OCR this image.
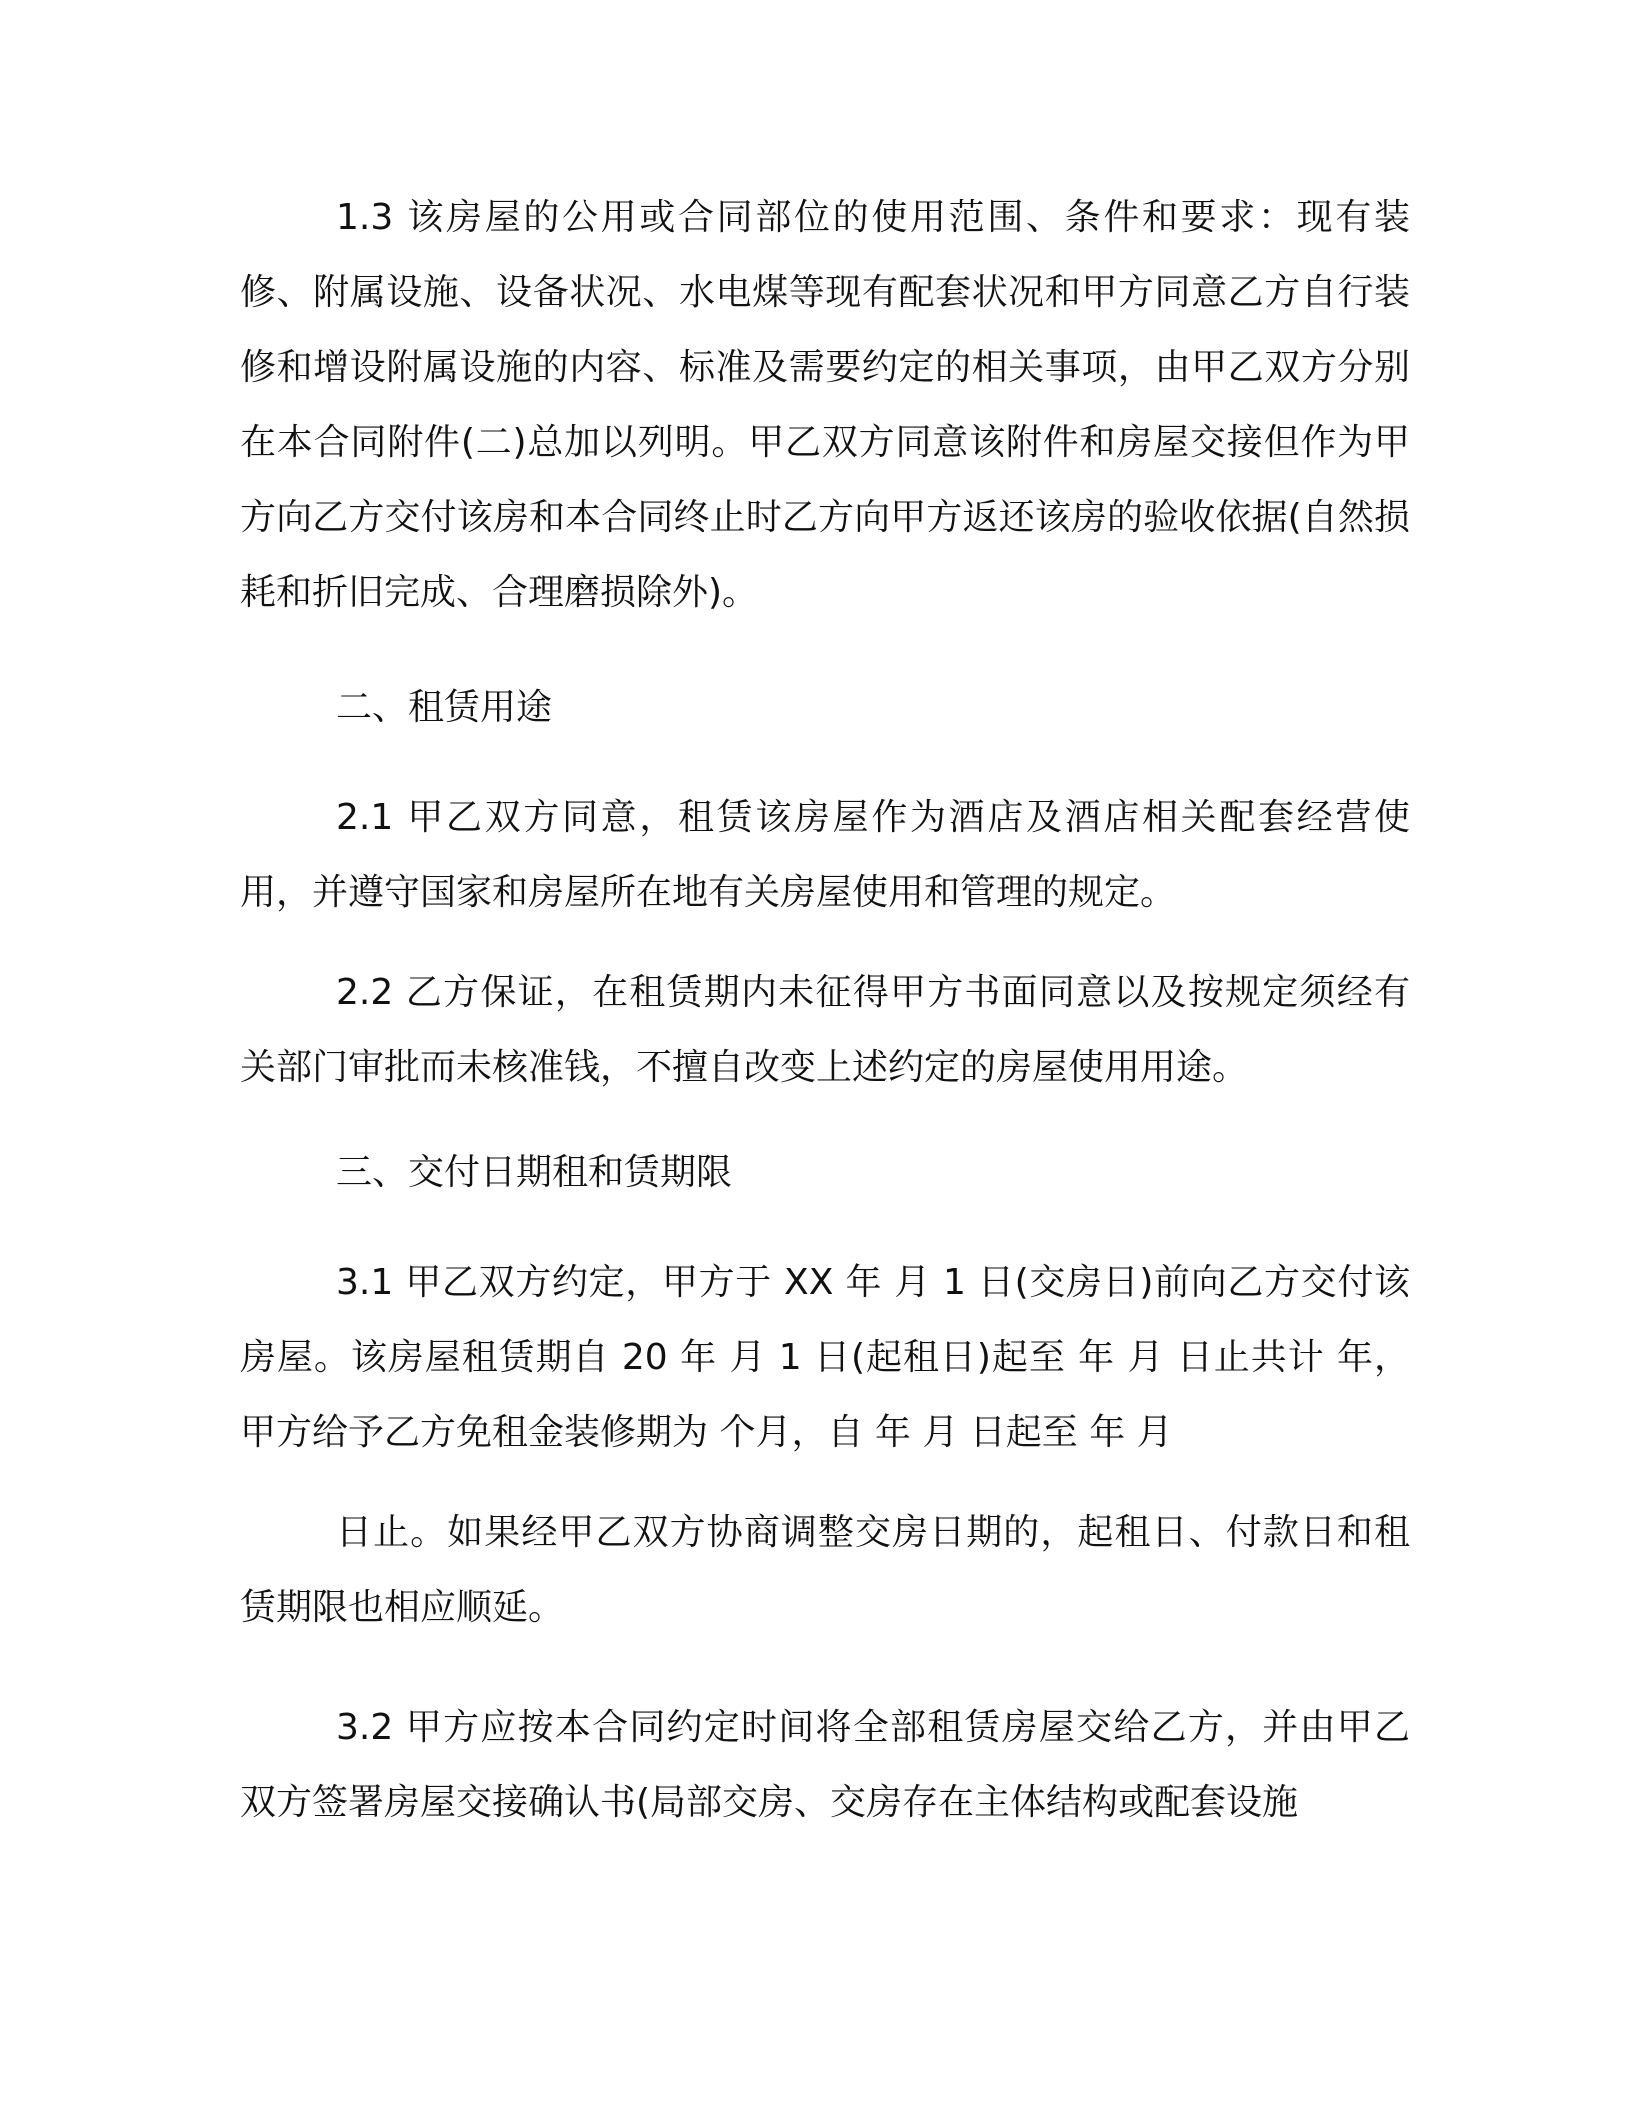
1.3 该房屋的公用或合同部位的使用范围、条件和要求：现有装修、附属设施、设备状况、水电煤等现有配套状况和甲方同意乙方自行装修和增设附属设施的内容、标准及需要约定的相关事项，由甲乙双方分别在本合同附件(二)总加以列明。甲乙双方同意该附件和房屋交接但作为甲方向乙方交付该房和本合同终止时乙方向甲方返还该房的验收依据(自然损耗和折旧完成、合理磨损除外)。

二、租赁用途

2.1 甲乙双方同意，租赁该房屋作为酒店及酒店相关配套经营使用，并遵守国家和房屋所在地有关房屋使用和管理的规定。

2.2 乙方保证，在租赁期内未征得甲方书面同意以及按规定须经有关部门审批而未核准钱，不擅自改变上述约定的房屋使用用途。

三、交付日期租和赁期限

3.1 甲乙双方约定，甲方于 XX 年 月 1 日(交房日)前向乙方交付该房屋。该房屋租赁期自 20 年 月 1 日(起租日)起至 年 月 日止共计 年，甲方给予乙方免租金装修期为 个月，自 年 月 日起至 年 月

日止。如果经甲乙双方协商调整交房日期的，起租日、付款日和租赁期限也相应顺延。

3.2 甲方应按本合同约定时间将全部租赁房屋交给乙方，并由甲乙双方签署房屋交接确认书(局部交房、交房存在主体结构或配套设施
